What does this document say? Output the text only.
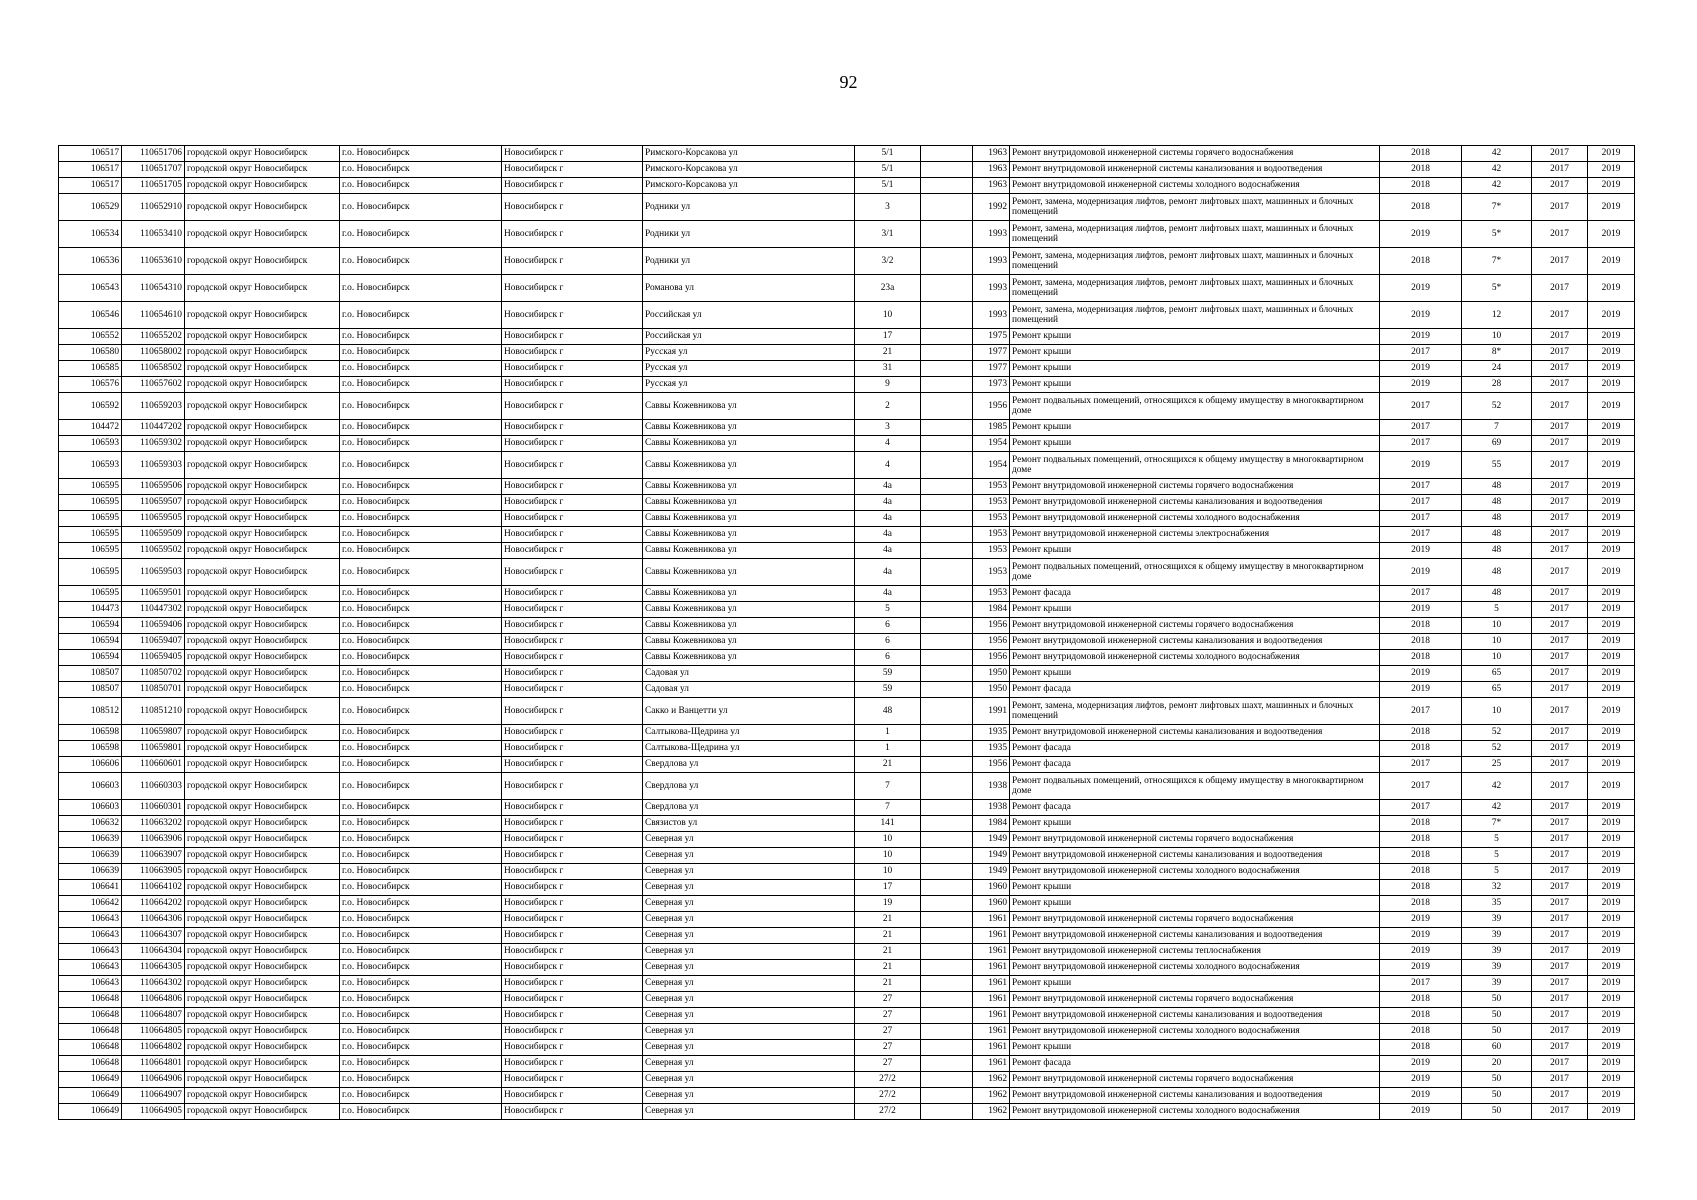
92
106517	110651706	городской округ Новосибирск	г.о. Новосибирск	Новосибирск г	Римского-Корсакова ул	5/1		1963	Ремонт внутридомовой инженерной системы горячего водоснабжения	2018	42	2017	2019
106517	110651707	городской округ Новосибирск	г.о. Новосибирск	Новосибирск г	Римского-Корсакова ул	5/1		1963	Ремонт внутридомовой инженерной системы канализования и водоотведения	2018	42	2017	2019
106517	110651705	городской округ Новосибирск	г.о. Новосибирск	Новосибирск г	Римского-Корсакова ул	5/1		1963	Ремонт внутридомовой инженерной системы холодного водоснабжения	2018	42	2017	2019
106529	110652910	городской округ Новосибирск	г.о. Новосибирск	Новосибирск г	Родники ул	3		1992	Ремонт, замена, модернизация лифтов, ремонт лифтовых шахт, машинных и блочных помещений	2018	7*	2017	2019
106534	110653410	городской округ Новосибирск	г.о. Новосибирск	Новосибирск г	Родники ул	3/1		1993	Ремонт, замена, модернизация лифтов, ремонт лифтовых шахт, машинных и блочных помещений	2019	5*	2017	2019
106536	110653610	городской округ Новосибирск	г.о. Новосибирск	Новосибирск г	Родники ул	3/2		1993	Ремонт, замена, модернизация лифтов, ремонт лифтовых шахт, машинных и блочных помещений	2018	7*	2017	2019
106543	110654310	городской округ Новосибирск	г.о. Новосибирск	Новосибирск г	Романова ул	23а		1993	Ремонт, замена, модернизация лифтов, ремонт лифтовых шахт, машинных и блочных помещений	2019	5*	2017	2019
106546	110654610	городской округ Новосибирск	г.о. Новосибирск	Новосибирск г	Российская ул	10		1993	Ремонт, замена, модернизация лифтов, ремонт лифтовых шахт, машинных и блочных помещений	2019	12	2017	2019
106552	110655202	городской округ Новосибирск	г.о. Новосибирск	Новосибирск г	Российская ул	17		1975	Ремонт крыши	2019	10	2017	2019
106580	110658002	городской округ Новосибирск	г.о. Новосибирск	Новосибирск г	Русская ул	21		1977	Ремонт крыши	2017	8*	2017	2019
106585	110658502	городской округ Новосибирск	г.о. Новосибирск	Новосибирск г	Русская ул	31		1977	Ремонт крыши	2019	24	2017	2019
106576	110657602	городской округ Новосибирск	г.о. Новосибирск	Новосибирск г	Русская ул	9		1973	Ремонт крыши	2019	28	2017	2019
106592	110659203	городской округ Новосибирск	г.о. Новосибирск	Новосибирск г	Саввы Кожевникова ул	2		1956	Ремонт подвальных помещений, относящихся к общему имуществу в многоквартирном доме	2017	52	2017	2019
104472	110447202	городской округ Новосибирск	г.о. Новосибирск	Новосибирск г	Саввы Кожевникова ул	3		1985	Ремонт крыши	2017	7	2017	2019
106593	110659302	городской округ Новосибирск	г.о. Новосибирск	Новосибирск г	Саввы Кожевникова ул	4		1954	Ремонт крыши	2017	69	2017	2019
106593	110659303	городской округ Новосибирск	г.о. Новосибирск	Новосибирск г	Саввы Кожевникова ул	4		1954	Ремонт подвальных помещений, относящихся к общему имуществу в многоквартирном доме	2019	55	2017	2019
106595	110659506	городской округ Новосибирск	г.о. Новосибирск	Новосибирск г	Саввы Кожевникова ул	4а		1953	Ремонт внутридомовой инженерной системы горячего водоснабжения	2017	48	2017	2019
106595	110659507	городской округ Новосибирск	г.о. Новосибирск	Новосибирск г	Саввы Кожевникова ул	4а		1953	Ремонт внутридомовой инженерной системы канализования и водоотведения	2017	48	2017	2019
106595	110659505	городской округ Новосибирск	г.о. Новосибирск	Новосибирск г	Саввы Кожевникова ул	4а		1953	Ремонт внутридомовой инженерной системы холодного водоснабжения	2017	48	2017	2019
106595	110659509	городской округ Новосибирск	г.о. Новосибирск	Новосибирск г	Саввы Кожевникова ул	4а		1953	Ремонт внутридомовой инженерной системы электроснабжения	2017	48	2017	2019
106595	110659502	городской округ Новосибирск	г.о. Новосибирск	Новосибирск г	Саввы Кожевникова ул	4а		1953	Ремонт крыши	2019	48	2017	2019
106595	110659503	городской округ Новосибирск	г.о. Новосибирск	Новосибирск г	Саввы Кожевникова ул	4а		1953	Ремонт подвальных помещений, относящихся к общему имуществу в многоквартирном доме	2019	48	2017	2019
106595	110659501	городской округ Новосибирск	г.о. Новосибирск	Новосибирск г	Саввы Кожевникова ул	4а		1953	Ремонт фасада	2017	48	2017	2019
104473	110447302	городской округ Новосибирск	г.о. Новосибирск	Новосибирск г	Саввы Кожевникова ул	5		1984	Ремонт крыши	2019	5	2017	2019
106594	110659406	городской округ Новосибирск	г.о. Новосибирск	Новосибирск г	Саввы Кожевникова ул	6		1956	Ремонт внутридомовой инженерной системы горячего водоснабжения	2018	10	2017	2019
106594	110659407	городской округ Новосибирск	г.о. Новосибирск	Новосибирск г	Саввы Кожевникова ул	6		1956	Ремонт внутридомовой инженерной системы канализования и водоотведения	2018	10	2017	2019
106594	110659405	городской округ Новосибирск	г.о. Новосибирск	Новосибирск г	Саввы Кожевникова ул	6		1956	Ремонт внутридомовой инженерной системы холодного водоснабжения	2018	10	2017	2019
108507	110850702	городской округ Новосибирск	г.о. Новосибирск	Новосибирск г	Садовая ул	59		1950	Ремонт крыши	2019	65	2017	2019
108507	110850701	городской округ Новосибирск	г.о. Новосибирск	Новосибирск г	Садовая ул	59		1950	Ремонт фасада	2019	65	2017	2019
108512	110851210	городской округ Новосибирск	г.о. Новосибирск	Новосибирск г	Сакко и Ванцетти ул	48		1991	Ремонт, замена, модернизация лифтов, ремонт лифтовых шахт, машинных и блочных помещений	2017	10	2017	2019
106598	110659807	городской округ Новосибирск	г.о. Новосибирск	Новосибирск г	Салтыкова-Щедрина ул	1		1935	Ремонт внутридомовой инженерной системы канализования и водоотведения	2018	52	2017	2019
106598	110659801	городской округ Новосибирск	г.о. Новосибирск	Новосибирск г	Салтыкова-Щедрина ул	1		1935	Ремонт фасада	2018	52	2017	2019
106606	110660601	городской округ Новосибирск	г.о. Новосибирск	Новосибирск г	Свердлова ул	21		1956	Ремонт фасада	2017	25	2017	2019
106603	110660303	городской округ Новосибирск	г.о. Новосибирск	Новосибирск г	Свердлова ул	7		1938	Ремонт подвальных помещений, относящихся к общему имуществу в многоквартирном доме	2017	42	2017	2019
106603	110660301	городской округ Новосибирск	г.о. Новосибирск	Новосибирск г	Свердлова ул	7		1938	Ремонт фасада	2017	42	2017	2019
106632	110663202	городской округ Новосибирск	г.о. Новосибирск	Новосибирск г	Связистов ул	141		1984	Ремонт крыши	2018	7*	2017	2019
106639	110663906	городской округ Новосибирск	г.о. Новосибирск	Новосибирск г	Северная ул	10		1949	Ремонт внутридомовой инженерной системы горячего водоснабжения	2018	5	2017	2019
106639	110663907	городской округ Новосибирск	г.о. Новосибирск	Новосибирск г	Северная ул	10		1949	Ремонт внутридомовой инженерной системы канализования и водоотведения	2018	5	2017	2019
106639	110663905	городской округ Новосибирск	г.о. Новосибирск	Новосибирск г	Северная ул	10		1949	Ремонт внутридомовой инженерной системы холодного водоснабжения	2018	5	2017	2019
106641	110664102	городской округ Новосибирск	г.о. Новосибирск	Новосибирск г	Северная ул	17		1960	Ремонт крыши	2018	32	2017	2019
106642	110664202	городской округ Новосибирск	г.о. Новосибирск	Новосибирск г	Северная ул	19		1960	Ремонт крыши	2018	35	2017	2019
106643	110664306	городской округ Новосибирск	г.о. Новосибирск	Новосибирск г	Северная ул	21		1961	Ремонт внутридомовой инженерной системы горячего водоснабжения	2019	39	2017	2019
106643	110664307	городской округ Новосибирск	г.о. Новосибирск	Новосибирск г	Северная ул	21		1961	Ремонт внутридомовой инженерной системы канализования и водоотведения	2019	39	2017	2019
106643	110664304	городской округ Новосибирск	г.о. Новосибирск	Новосибирск г	Северная ул	21		1961	Ремонт внутридомовой инженерной системы теплоснабжения	2019	39	2017	2019
106643	110664305	городской округ Новосибирск	г.о. Новосибирск	Новосибирск г	Северная ул	21		1961	Ремонт внутридомовой инженерной системы холодного водоснабжения	2019	39	2017	2019
106643	110664302	городской округ Новосибирск	г.о. Новосибирск	Новосибирск г	Северная ул	21		1961	Ремонт крыши	2017	39	2017	2019
106648	110664806	городской округ Новосибирск	г.о. Новосибирск	Новосибирск г	Северная ул	27		1961	Ремонт внутридомовой инженерной системы горячего водоснабжения	2018	50	2017	2019
106648	110664807	городской округ Новосибирск	г.о. Новосибирск	Новосибирск г	Северная ул	27		1961	Ремонт внутридомовой инженерной системы канализования и водоотведения	2018	50	2017	2019
106648	110664805	городской округ Новосибирск	г.о. Новосибирск	Новосибирск г	Северная ул	27		1961	Ремонт внутридомовой инженерной системы холодного водоснабжения	2018	50	2017	2019
106648	110664802	городской округ Новосибирск	г.о. Новосибирск	Новосибирск г	Северная ул	27		1961	Ремонт крыши	2018	60	2017	2019
106648	110664801	городской округ Новосибирск	г.о. Новосибирск	Новосибирск г	Северная ул	27		1961	Ремонт фасада	2019	20	2017	2019
106649	110664906	городской округ Новосибирск	г.о. Новосибирск	Новосибирск г	Северная ул	27/2		1962	Ремонт внутридомовой инженерной системы горячего водоснабжения	2019	50	2017	2019
106649	110664907	городской округ Новосибирск	г.о. Новосибирск	Новосибирск г	Северная ул	27/2		1962	Ремонт внутридомовой инженерной системы канализования и водоотведения	2019	50	2017	2019
106649	110664905	городской округ Новосибирск	г.о. Новосибирск	Новосибирск г	Северная ул	27/2		1962	Ремонт внутридомовой инженерной системы холодного водоснабжения	2019	50	2017	2019
